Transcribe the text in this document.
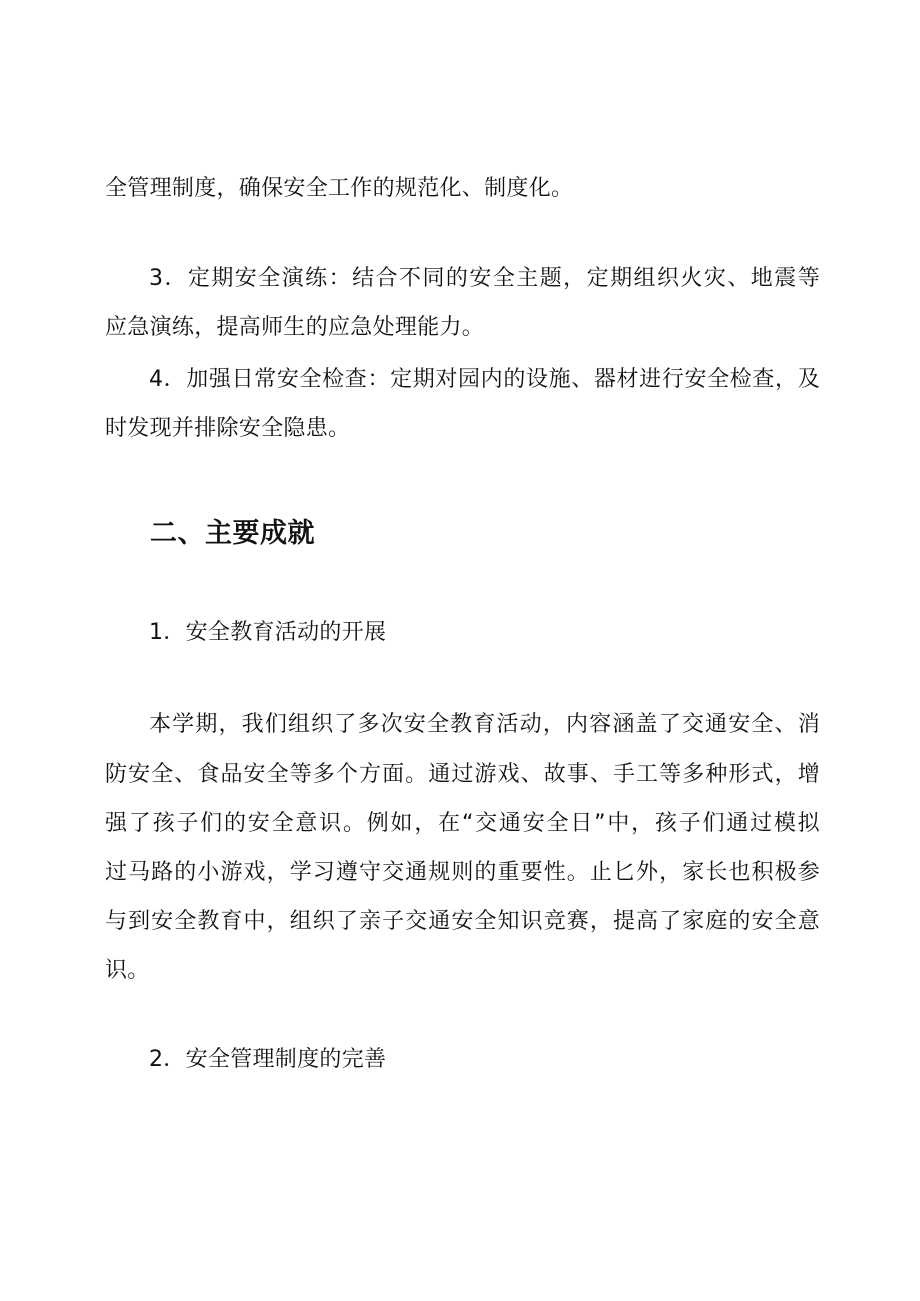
全管理制度，确保安全工作的规范化、制度化。
3．定期安全演练：结合不同的安全主题，定期组织火灾、地震等
应急演练，提高师生的应急处理能力。
4．加强日常安全检查：定期对园内的设施、器材进行安全检查，及
时发现并排除安全隐患。
二、主要成就
1．安全教育活动的开展
本学期，我们组织了多次安全教育活动，内容涵盖了交通安全、消
防安全、食品安全等多个方面。通过游戏、故事、手工等多种形式，增
强了孩子们的安全意识。例如，在“交通安全日”中，孩子们通过模拟
过马路的小游戏，学习遵守交通规则的重要性。止匕外，家长也积极参
与到安全教育中，组织了亲子交通安全知识竞赛，提高了家庭的安全意
识。
2．安全管理制度的完善
